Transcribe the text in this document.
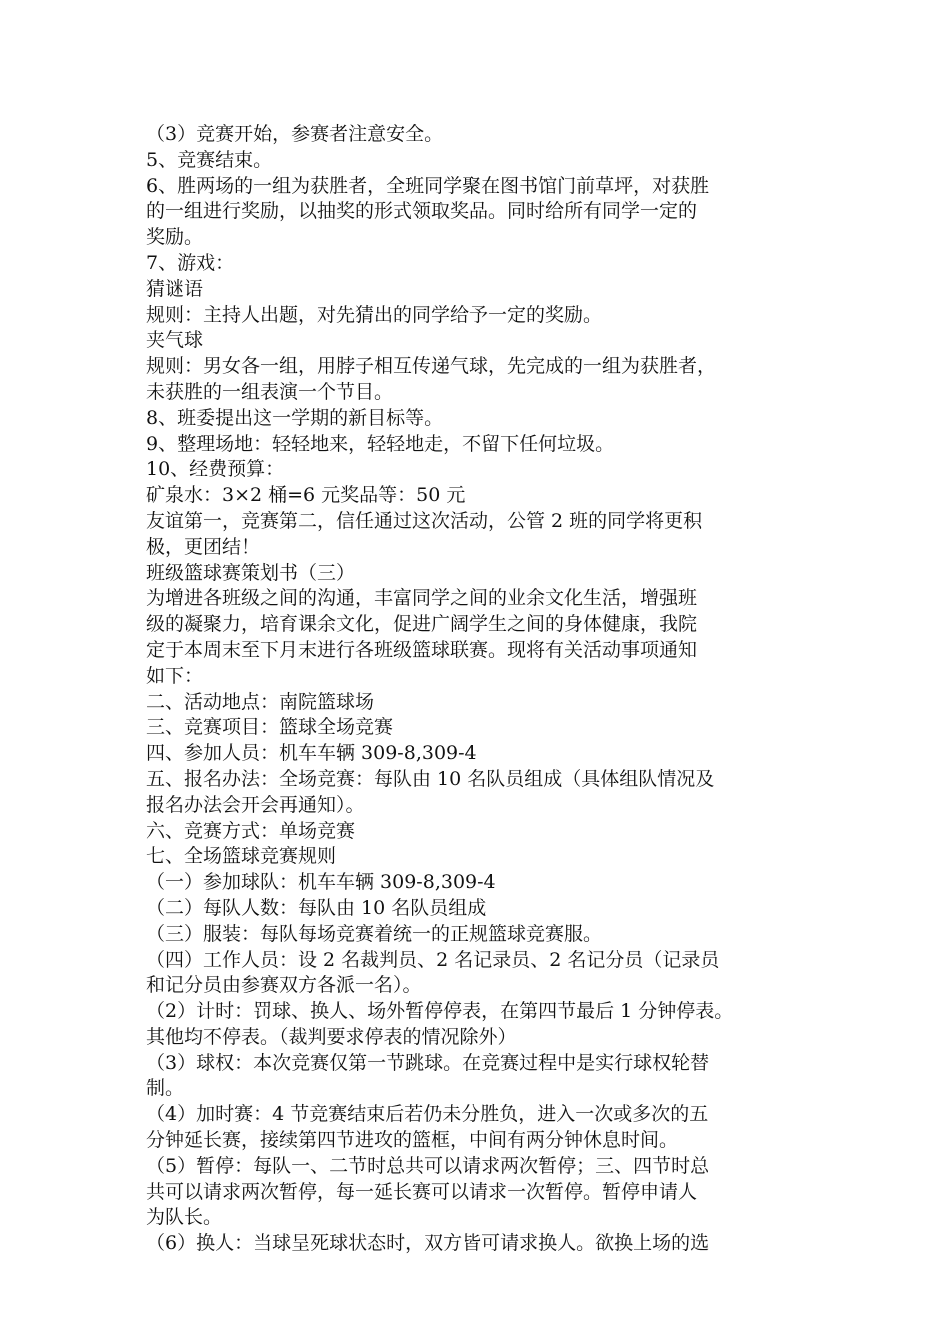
（3）竞赛开始，参赛者注意安全。
5、竞赛结束。
6、胜两场的一组为获胜者，全班同学聚在图书馆门前草坪，对获胜
的一组进行奖励，以抽奖的形式领取奖品。同时给所有同学一定的
奖励。
7、游戏：
猜谜语
规则：主持人出题，对先猜出的同学给予一定的奖励。
夹气球
规则：男女各一组，用脖子相互传递气球，先完成的一组为获胜者，
未获胜的一组表演一个节目。
8、班委提出这一学期的新目标等。
9、整理场地：轻轻地来，轻轻地走，不留下任何垃圾。
10、经费预算：
矿泉水：3×2 桶=6 元奖品等：50 元
友谊第一，竞赛第二，信任通过这次活动，公管 2 班的同学将更积
极，更团结！
班级篮球赛策划书（三）
为增进各班级之间的沟通，丰富同学之间的业余文化生活，增强班
级的凝聚力，培育课余文化，促进广阔学生之间的身体健康，我院
定于本周末至下月末进行各班级篮球联赛。现将有关活动事项通知
如下：
二、活动地点：南院篮球场
三、竞赛项目：篮球全场竞赛
四、参加人员：机车车辆 309-8,309-4
五、报名办法：全场竞赛：每队由 10 名队员组成（具体组队情况及
报名办法会开会再通知）。
六、竞赛方式：单场竞赛
七、全场篮球竞赛规则
（一）参加球队：机车车辆 309-8,309-4
（二）每队人数：每队由 10 名队员组成
（三）服装：每队每场竞赛着统一的正规篮球竞赛服。
（四）工作人员：设 2 名裁判员、2 名记录员、2 名记分员（记录员
和记分员由参赛双方各派一名）。
（2）计时：罚球、换人、场外暂停停表，在第四节最后 1 分钟停表。
其他均不停表。（裁判要求停表的情况除外）
（3）球权：本次竞赛仅第一节跳球。在竞赛过程中是实行球权轮替
制。
（4）加时赛：4 节竞赛结束后若仍未分胜负，进入一次或多次的五
分钟延长赛，接续第四节进攻的篮框，中间有两分钟休息时间。
（5）暂停：每队一、二节时总共可以请求两次暂停；三、四节时总
共可以请求两次暂停，每一延长赛可以请求一次暂停。暂停申请人
为队长。
（6）换人：当球呈死球状态时，双方皆可请求换人。欲换上场的选
